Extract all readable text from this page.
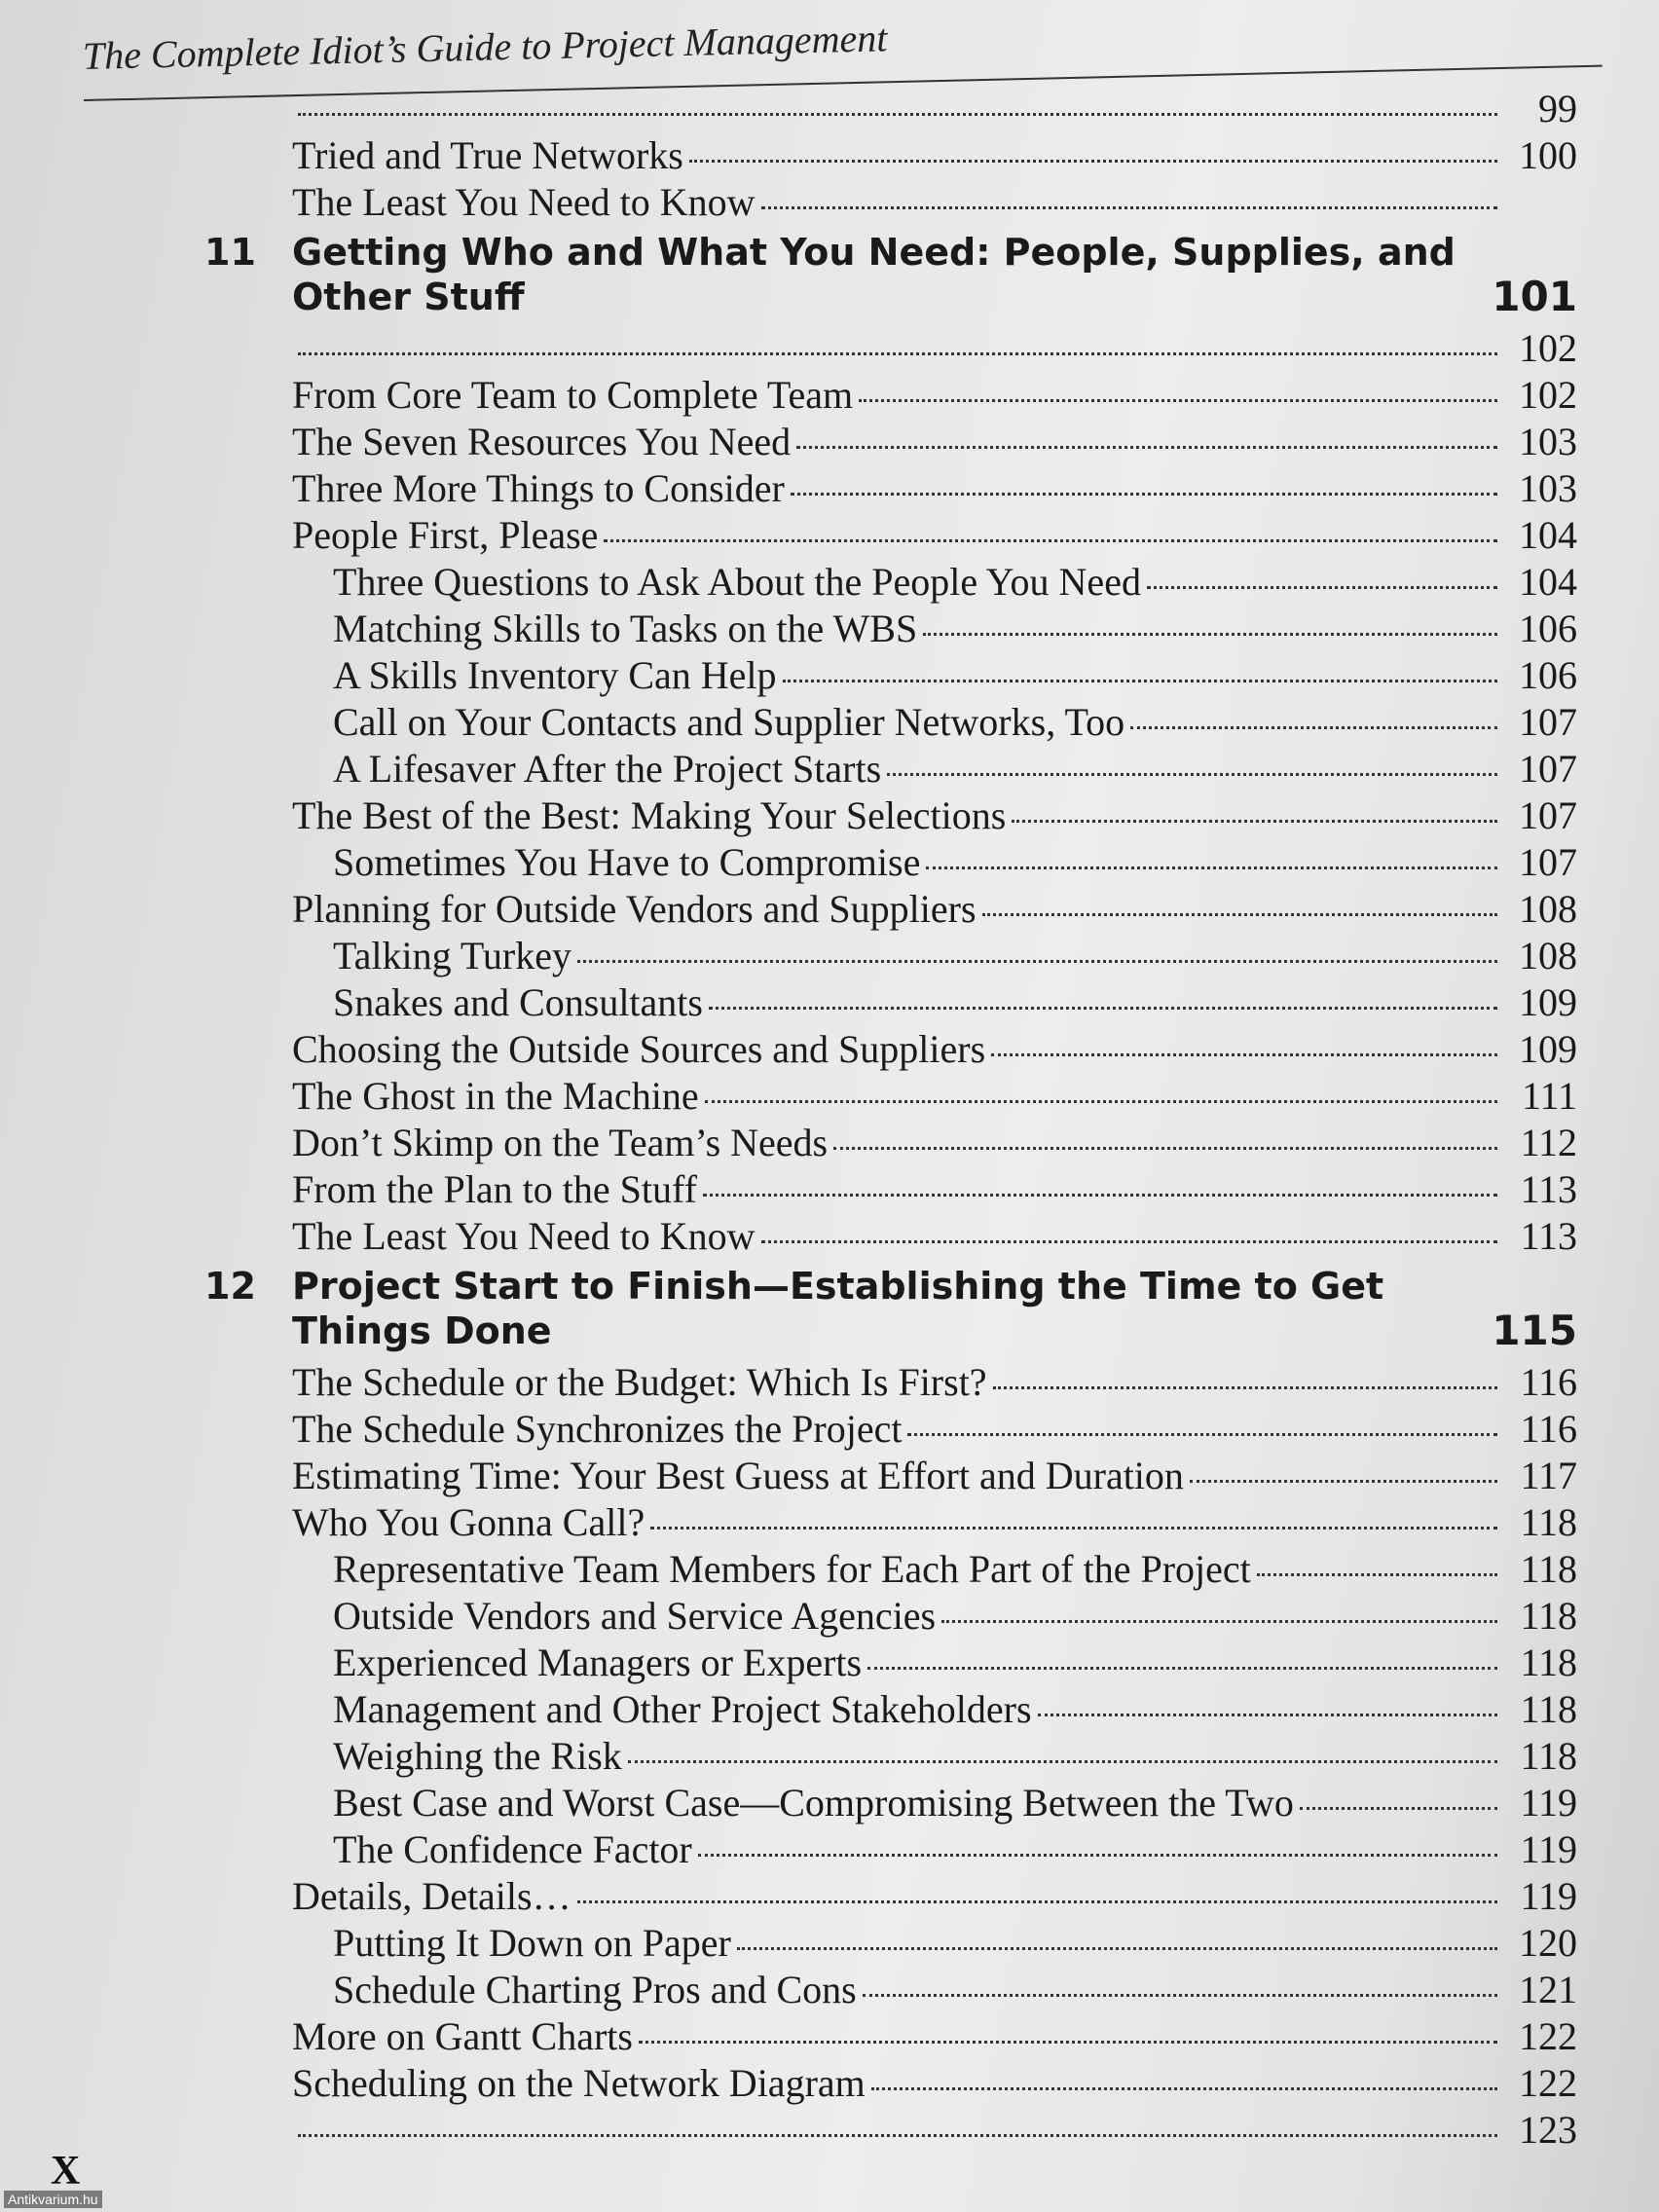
The Complete Idiot’s Guide to Project Management
99
Tried and True Networks	100
The Least You Need to Know
11 Getting Who and What You Need: People, Supplies, and Other Stuff	101
102
From Core Team to Complete Team	102
The Seven Resources You Need	103
Three More Things to Consider	103
People First, Please	104
Three Questions to Ask About the People You Need	104
Matching Skills to Tasks on the WBS	106
A Skills Inventory Can Help	106
Call on Your Contacts and Supplier Networks, Too	107
A Lifesaver After the Project Starts	107
The Best of the Best: Making Your Selections	107
Sometimes You Have to Compromise	107
Planning for Outside Vendors and Suppliers	108
Talking Turkey	108
Snakes and Consultants	109
Choosing the Outside Sources and Suppliers	109
The Ghost in the Machine	111
Don’t Skimp on the Team’s Needs	112
From the Plan to the Stuff	113
The Least You Need to Know	113
12 Project Start to Finish—Establishing the Time to Get Things Done	115
The Schedule or the Budget: Which Is First?	116
The Schedule Synchronizes the Project	116
Estimating Time: Your Best Guess at Effort and Duration	117
Who You Gonna Call?	118
Representative Team Members for Each Part of the Project	118
Outside Vendors and Service Agencies	118
Experienced Managers or Experts	118
Management and Other Project Stakeholders	118
Weighing the Risk	118
Best Case and Worst Case—Compromising Between the Two	119
The Confidence Factor	119
Details, Details…	119
Putting It Down on Paper	120
Schedule Charting Pros and Cons	121
More on Gantt Charts	122
Scheduling on the Network Diagram	122
123
X
Antikvarium.hu
